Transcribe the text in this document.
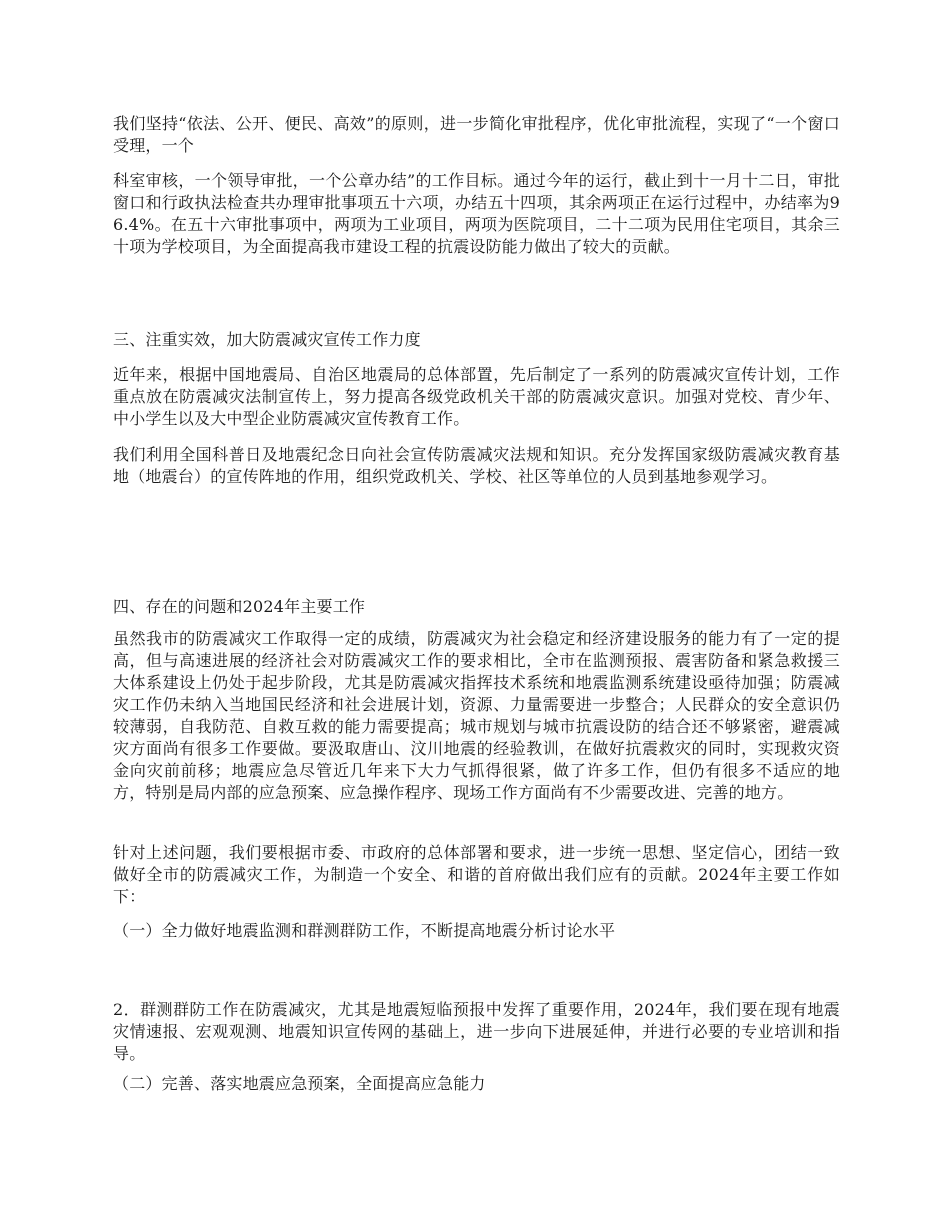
我们坚持“依法、公开、便民、高效”的原则，进一步简化审批程序，优化审批流程，实现了“一个窗口受理，一个

科室审核，一个领导审批，一个公章办结”的工作目标。通过今年的运行，截止到十一月十二日，审批窗口和行政执法检查共办理审批事项五十六项，办结五十四项，其余两项正在运行过程中，办结率为96.4%。在五十六审批事项中，两项为工业项目，两项为医院项目，二十二项为民用住宅项目，其余三十项为学校项目，为全面提高我市建设工程的抗震设防能力做出了较大的贡献。

三、注重实效，加大防震减灾宣传工作力度

近年来，根据中国地震局、自治区地震局的总体部置，先后制定了一系列的防震减灾宣传计划，工作重点放在防震减灾法制宣传上，努力提高各级党政机关干部的防震减灾意识。加强对党校、青少年、中小学生以及大中型企业防震减灾宣传教育工作。

我们利用全国科普日及地震纪念日向社会宣传防震减灾法规和知识。充分发挥国家级防震减灾教育基地（地震台）的宣传阵地的作用，组织党政机关、学校、社区等单位的人员到基地参观学习。

四、存在的问题和2024年主要工作

虽然我市的防震减灾工作取得一定的成绩，防震减灾为社会稳定和经济建设服务的能力有了一定的提高，但与高速进展的经济社会对防震减灾工作的要求相比，全市在监测预报、震害防备和紧急救援三大体系建设上仍处于起步阶段，尤其是防震减灾指挥技术系统和地震监测系统建设亟待加强；防震减灾工作仍未纳入当地国民经济和社会进展计划，资源、力量需要进一步整合；人民群众的安全意识仍较薄弱，自我防范、自救互救的能力需要提高；城市规划与城市抗震设防的结合还不够紧密，避震减灾方面尚有很多工作要做。要汲取唐山、汶川地震的经验教训，在做好抗震救灾的同时，实现救灾资金向灾前前移；地震应急尽管近几年来下大力气抓得很紧，做了许多工作，但仍有很多不适应的地方，特别是局内部的应急预案、应急操作程序、现场工作方面尚有不少需要改进、完善的地方。

针对上述问题，我们要根据市委、市政府的总体部署和要求，进一步统一思想、坚定信心，团结一致做好全市的防震减灾工作，为制造一个安全、和谐的首府做出我们应有的贡献。2024年主要工作如下：

（一）全力做好地震监测和群测群防工作，不断提高地震分析讨论水平

2．群测群防工作在防震减灾，尤其是地震短临预报中发挥了重要作用，2024年，我们要在现有地震灾情速报、宏观观测、地震知识宣传网的基础上，进一步向下进展延伸，并进行必要的专业培训和指导。

（二）完善、落实地震应急预案，全面提高应急能力
